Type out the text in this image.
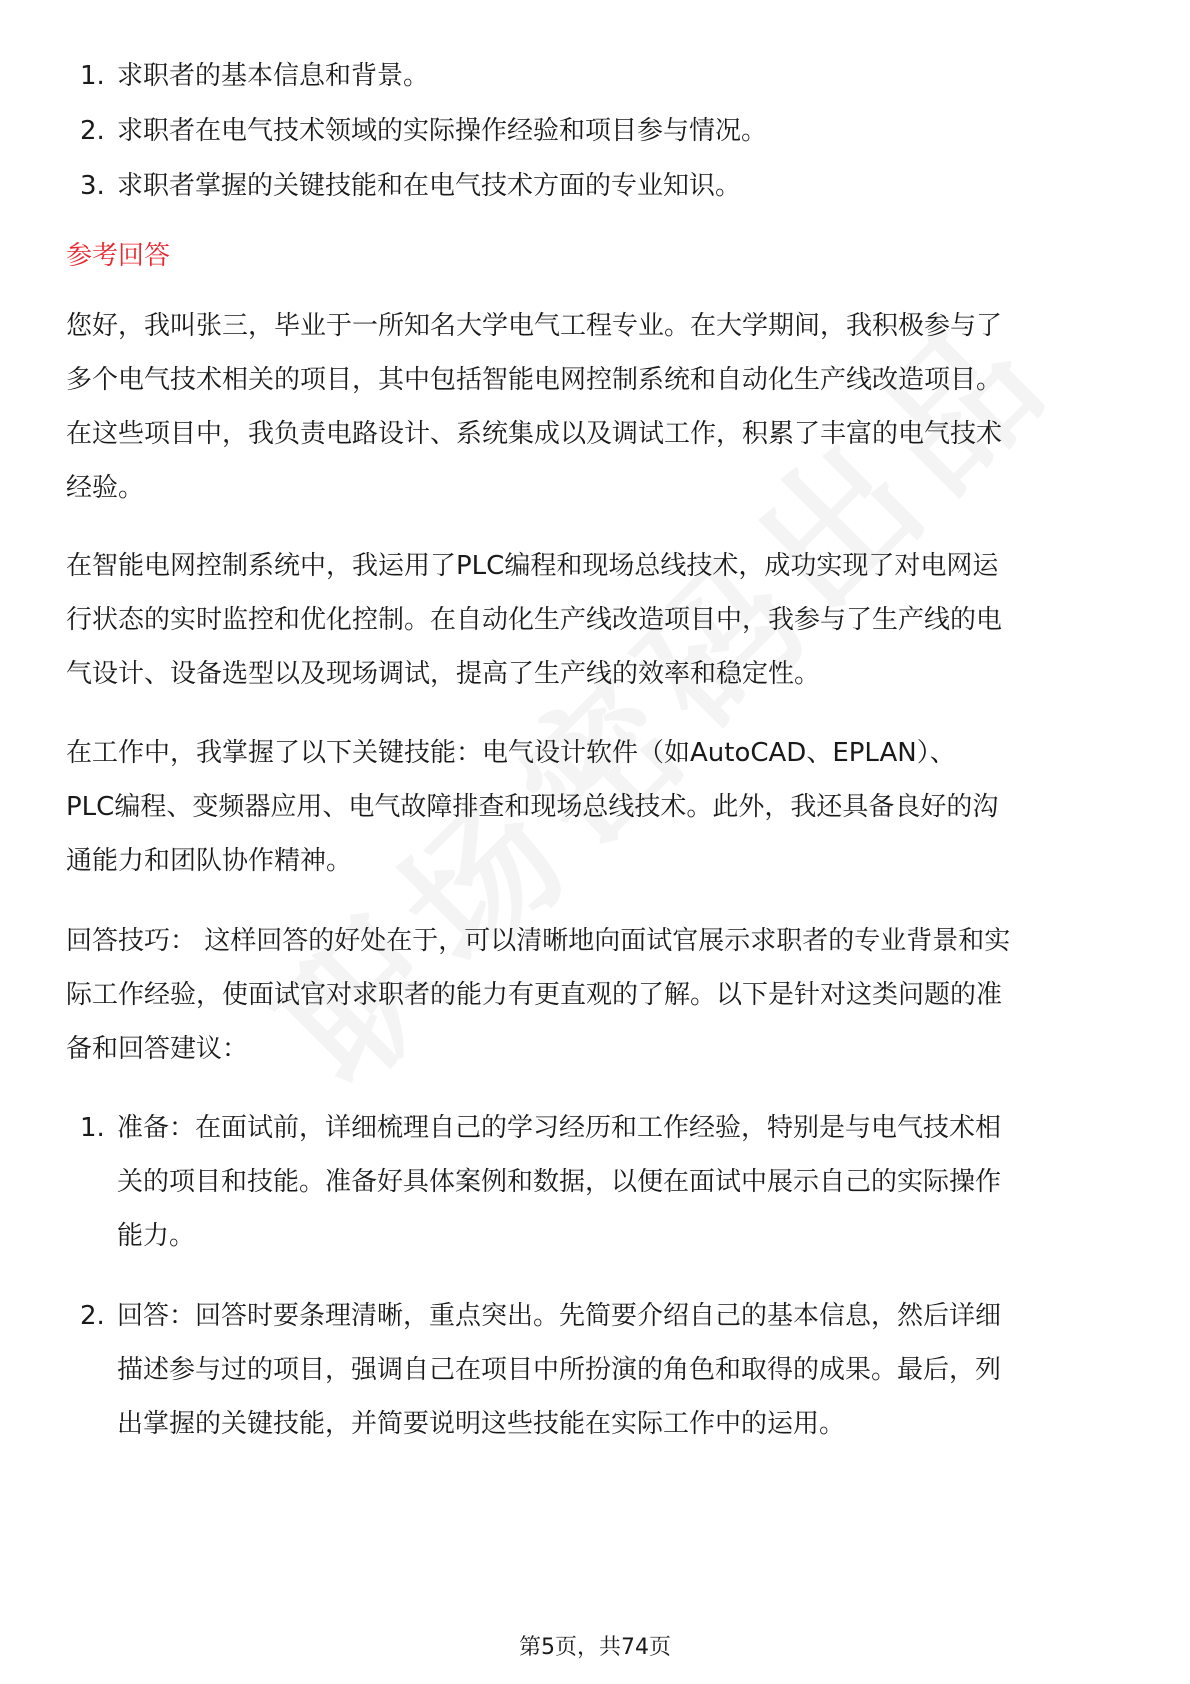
1. 求职者的基本信息和背景。
2. 求职者在电气技术领域的实际操作经验和项目参与情况。
3. 求职者掌握的关键技能和在电气技术方面的专业知识。
参考回答
您好，我叫张三，毕业于一所知名大学电气工程专业。在大学期间，我积极参与了
多个电气技术相关的项目，其中包括智能电网控制系统和自动化生产线改造项目。
在这些项目中，我负责电路设计、系统集成以及调试工作，积累了丰富的电气技术
经验。
在智能电网控制系统中，我运用了PLC编程和现场总线技术，成功实现了对电网运
行状态的实时监控和优化控制。在自动化生产线改造项目中，我参与了生产线的电
气设计、设备选型以及现场调试，提高了生产线的效率和稳定性。
在工作中，我掌握了以下关键技能：电气设计软件（如AutoCAD、EPLAN）、
PLC编程、变频器应用、电气故障排查和现场总线技术。此外，我还具备良好的沟
通能力和团队协作精神。
回答技巧： 这样回答的好处在于，可以清晰地向面试官展示求职者的专业背景和实
际工作经验，使面试官对求职者的能力有更直观的了解。以下是针对这类问题的准
备和回答建议：
1. 准备：在面试前，详细梳理自己的学习经历和工作经验，特别是与电气技术相
关的项目和技能。准备好具体案例和数据，以便在面试中展示自己的实际操作
能力。
2. 回答：回答时要条理清晰，重点突出。先简要介绍自己的基本信息，然后详细
描述参与过的项目，强调自己在项目中所扮演的角色和取得的成果。最后，列
出掌握的关键技能，并简要说明这些技能在实际工作中的运用。
第5页，共74页
